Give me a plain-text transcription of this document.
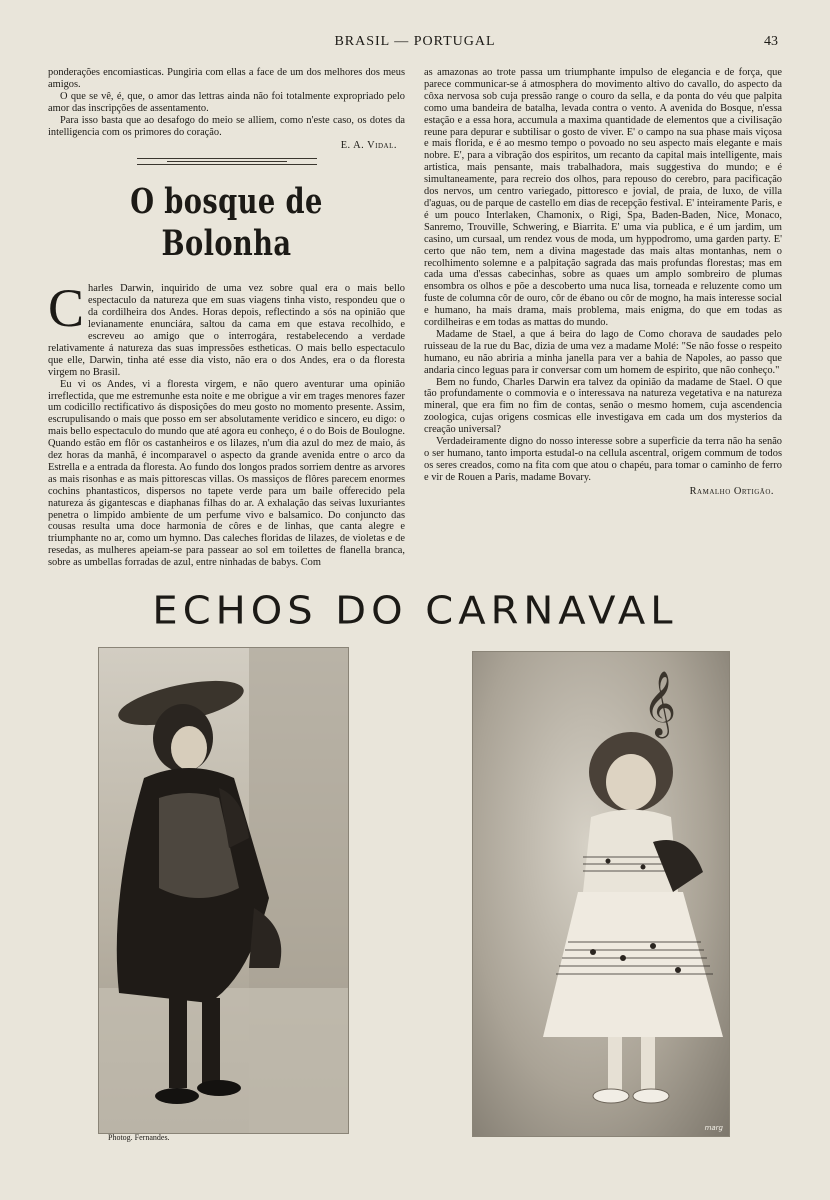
BRASIL — PORTUGAL	43

ponderações encomiasticas. Pungiria com ellas a face de um dos melhores dos meus amigos.

O que se vê, é, que, o amor das lettras ainda não foi totalmente expropriado pelo amor das inscripções de assentamento.

Para isso basta que ao desafogo do meio se alliem, como n'este caso, os dotes da intelligencia com os primores do coração.

E. A. Vidal.
O bosque de Bolonha

Charles Darwin, inquirido de uma vez sobre qual era o mais bello espectaculo da natureza que em suas viagens tinha visto, respondeu que o da cordilheira dos Andes. Horas depois, reflectindo a sós na opinião que levianamente enunciára, saltou da cama em que estava recolhido, e escreveu ao amigo que o interrogára, restabelecendo a verdade relativamente á natureza das suas impressões estheticas. O mais bello espectaculo que elle, Darwin, tinha até esse dia visto, não era o dos Andes, era o da floresta virgem no Brasil.

Eu vi os Andes, vi a floresta virgem, e não quero aventurar uma opinião irreflectida, que me estremunhe esta noite e me obrigue a vir em trages menores fazer um codicillo rectificativo ás disposições do meu gosto no momento presente. Assim, escrupulisando o mais que posso em ser absolutamente veridico e sincero, eu digo: o mais bello espectaculo do mundo que até agora eu conheço, é o do Bois de Boulogne. Quando estão em flôr os castanheiros e os lilazes, n'um dia azul do mez de maio, ás dez horas da manhã, é incomparavel o aspecto da grande avenida entre o arco da Estrella e a entrada da floresta. Ao fundo dos longos prados sorriem dentre as arvores as mais risonhas e as mais pittorescas villas. Os massiços de flôres parecem enormes cochins phantasticos, dispersos no tapete verde para um baile offerecido pela natureza ás gigantescas e diaphanas filhas do ar. A exhalação das seivas luxuriantes penetra o limpido ambiente de um perfume vivo e balsamico. Do conjuncto das cousas resulta uma doce harmonia de côres e de linhas, que canta alegre e triumphante no ar, como um hymno. Das caleches floridas de lilazes, de violetas e de resedas, as mulheres apeiam-se para passear ao sol em toilettes de flanella branca, sobre as umbellas forradas de azul, entre ninhadas de babys. Com

as amazonas ao trote passa um triumphante impulso de elegancia e de força, que parece communicar-se á atmosphera do movimento altivo do cavallo, do aspecto da côxa nervosa sob cuja pressão range o couro da sella, e da ponta do véu que palpita como uma bandeira de batalha, levada contra o vento. A avenida do Bosque, n'essa estação e a essa hora, accumula a maxima quantidade de elementos que a civilisação reune para depurar e subtilisar o gosto de viver. E' o campo na sua phase mais viçosa e mais florida, e é ao mesmo tempo o povoado no seu aspecto mais elegante e mais nobre. E', para a vibração dos espiritos, um recanto da capital mais intelligente, mais artistica, mais pensante, mais trabalhadora, mais suggestiva do mundo; e é simultaneamente, para recreio dos olhos, para repouso do cerebro, para pacificação dos nervos, um centro variegado, pittoresco e jovial, de praia, de luxo, de villa d'aguas, ou de parque de castello em dias de recepção festival. E' inteiramente Paris, e é um pouco Interlaken, Chamonix, o Rigi, Spa, Baden-Baden, Nice, Monaco, Sanremo, Trouville, Schwering, e Biarrita. E' uma via publica, e é um jardim, um casino, um cursaal, um rendez vous de moda, um hyppodromo, uma garden party. E' certo que não tem, nem a divina magestade das mais altas montanhas, nem o recolhimento solemne e a palpitação sagrada das mais profundas florestas; mas em cada uma d'essas cabecinhas, sobre as quaes um amplo sombreiro de plumas ensombra os olhos e põe a descoberto uma nuca lisa, torneada e reluzente como um fuste de columna côr de ouro, côr de ébano ou côr de mogno, ha mais interesse social e humano, ha mais drama, mais problema, mais enigma, do que em todas as cordilheiras e em todas as mattas do mundo.

Madame de Stael, a que á beira do lago de Como chorava de saudades pelo ruisseau de la rue du Bac, dizia de uma vez a madame Molé: "Se não fosse o respeito humano, eu não abriria a minha janella para ver a bahia de Napoles, ao passo que andaria cinco leguas para ir conversar com um homem de espirito, que não conheço."

Bem no fundo, Charles Darwin era talvez da opinião da madame de Stael. O que tão profundamente o commovia e o interessava na natureza vegetativa e na natureza mineral, que era fim no fim de contas, senão o mesmo homem, cuja ascendencia zoologica, cujas origens cosmicas elle investigava em cada um dos mysterios da creação universal?

Verdadeiramente digno do nosso interesse sobre a superficie da terra não ha senão o ser humano, tanto importa estudal-o na cellula ascentral, origem commum de todos os seres creados, como na fita com que atou o chapéu, para tomar o caminho de ferro e vir de Rouen a Paris, madame Bovary.

Ramalho Ortigão.
ECHOS DO CARNAVAL
𝄞
marg
Photog. Fernandes.
